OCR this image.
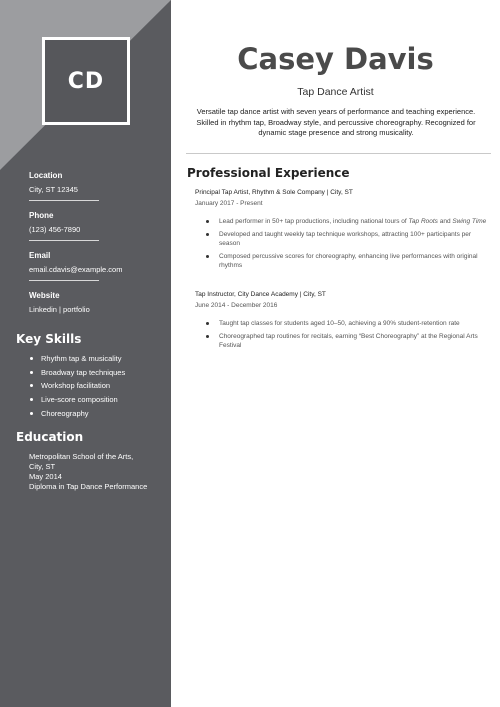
CD
Location
City, ST 12345
Phone
(123) 456-7890
Email
email.cdavis@example.com
Website
Linkedin | portfolio
Key Skills
Rhythm tap & musicality
Broadway tap techniques
Workshop facilitation
Live-score composition
Choreography
Education
Metropolitan School of the Arts,
City, ST
May 2014
Diploma in Tap Dance Performance
Casey Davis
Tap Dance Artist
Versatile tap dance artist with seven years of performance and teaching experience. Skilled in rhythm tap, Broadway style, and percussive choreography. Recognized for dynamic stage presence and strong musicality.
Professional Experience
Principal Tap Artist, Rhythm & Sole Company | City, ST
January 2017 - Present
Lead performer in 50+ tap productions, including national tours of Tap Roots and Swing Time
Developed and taught weekly tap technique workshops, attracting 100+ participants per season
Composed percussive scores for choreography, enhancing live performances with original rhythms
Tap Instructor, City Dance Academy | City, ST
June 2014 - December 2016
Taught tap classes for students aged 10–50, achieving a 90% student-retention rate
Choreographed tap routines for recitals, earning “Best Choreography” at the Regional Arts Festival
